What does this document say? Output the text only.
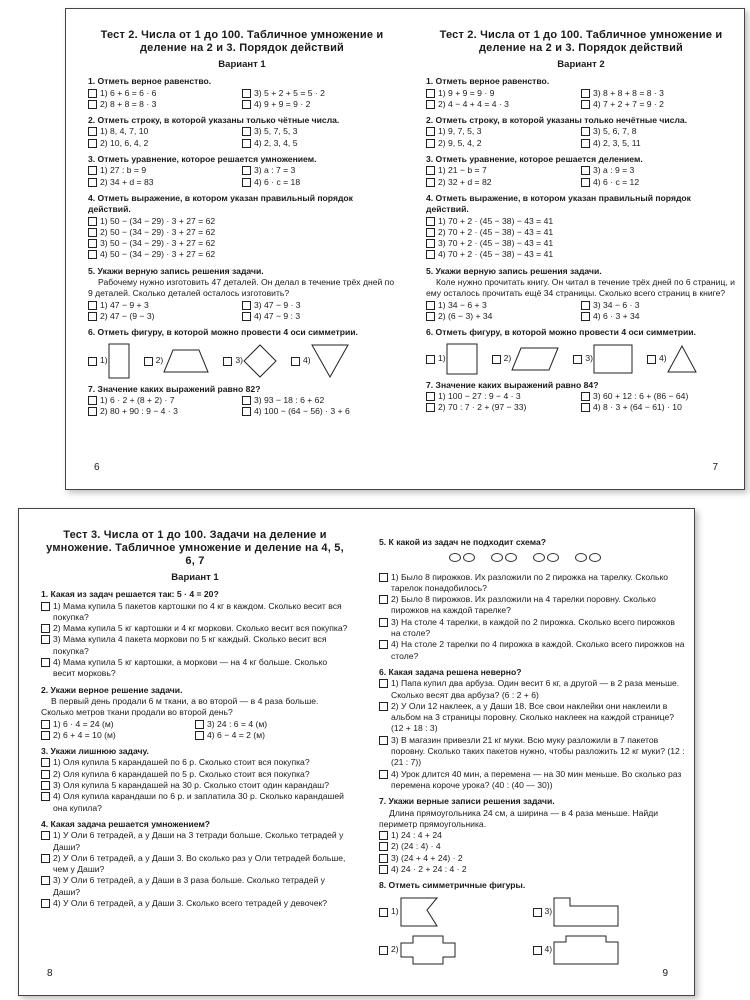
Тест 2. Числа от 1 до 100. Табличное умножение и деление на 2 и 3. Порядок действий
Вариант 1
1. Отметь верное равенство.
1) 6 + 6 = 6 · 6	3) 5 + 2 + 5 = 5 · 2
2) 8 + 8 = 8 · 3	4) 9 + 9 = 9 · 2
2. Отметь строку, в которой указаны только чётные числа.
1) 8, 4, 7, 10	3) 5, 7, 5, 3
2) 10, 6, 4, 2	4) 2, 3, 4, 5
3. Отметь уравнение, которое решается умножением.
1) 27 : b = 9	3) a : 7 = 3
2) 34 + d = 83	4) 6 · c = 18
4. Отметь выражение, в котором указан правильный порядок действий.
1) 50 − (34 − 29) · 3 + 27 = 62
2) 50 − (34 − 29) · 3 + 27 = 62
3) 50 − (34 − 29) · 3 + 27 = 62
4) 50 − (34 − 29) · 3 + 27 = 62
5. Укажи верную запись решения задачи.
Рабочему нужно изготовить 47 деталей. Он делал в течение трёх дней по 9 деталей. Сколько деталей осталось изготовить?
1) 47 − 9 + 3	3) 47 − 9 · 3
2) 47 − (9 − 3)	4) 47 − 9 : 3
6. Отметь фигуру, в которой можно провести 4 оси симметрии.
1)	2)	3)	4)
7. Значение каких выражений равно 82?
1) 6 · 2 + (8 + 2) · 7	3) 93 − 18 : 6 + 62
2) 80 + 90 : 9 − 4 · 3	4) 100 − (64 − 56) · 3 + 6
6
Тест 2. Числа от 1 до 100. Табличное умножение и деление на 2 и 3. Порядок действий
Вариант 2
1. Отметь верное равенство.
1) 9 + 9 = 9 · 9	3) 8 + 8 + 8 = 8 · 3
2) 4 − 4 + 4 = 4 · 3	4) 7 + 2 + 7 = 9 · 2
2. Отметь строку, в которой указаны только нечётные числа.
1) 9, 7, 5, 3	3) 5, 6, 7, 8
2) 9, 5, 4, 2	4) 2, 3, 5, 11
3. Отметь уравнение, которое решается делением.
1) 21 − b = 7	3) a : 9 = 3
2) 32 + d = 82	4) 6 · c = 12
4. Отметь выражение, в котором указан правильный порядок действий.
1) 70 + 2 · (45 − 38) − 43 = 41
2) 70 + 2 · (45 − 38) − 43 = 41
3) 70 + 2 · (45 − 38) − 43 = 41
4) 70 + 2 · (45 − 38) − 43 = 41
5. Укажи верную запись решения задачи.
Коле нужно прочитать книгу. Он читал в течение трёх дней по 6 страниц, и ему осталось прочитать ещё 34 страницы. Сколько всего страниц в книге?
1) 34 − 6 + 3	3) 34 − 6 · 3
2) (6 − 3) + 34	4) 6 · 3 + 34
6. Отметь фигуру, в которой можно провести 4 оси симметрии.
1)	2)	3)	4)
7. Значение каких выражений равно 84?
1) 100 − 27 : 9 − 4 · 3	3) 60 + 12 : 6 + (86 − 64)
2) 70 : 7 · 2 + (97 − 33)	4) 8 · 3 + (64 − 61) · 10
7
Тест 3. Числа от 1 до 100. Задачи на деление и умножение. Табличное умножение и деление на 4, 5, 6, 7
Вариант 1
1. Какая из задач решается так: 5 · 4 = 20?
1) Мама купила 5 пакетов картошки по 4 кг в каждом. Сколько весит вся покупка?
2) Мама купила 5 кг картошки и 4 кг моркови. Сколько весит вся покупка?
3) Мама купила 4 пакета моркови по 5 кг каждый. Сколько весит вся покупка?
4) Мама купила 5 кг картошки, а моркови — на 4 кг больше. Сколько весит морковь?
2. Укажи верное решение задачи.
В первый день продали 6 м ткани, а во второй — в 4 раза больше. Сколько метров ткани продали во второй день?
1) 6 · 4 = 24 (м)	3) 24 : 6 = 4 (м)
2) 6 + 4 = 10 (м)	4) 6 − 4 = 2 (м)
3. Укажи лишнюю задачу.
1) Оля купила 5 карандашей по 6 р. Сколько стоит вся покупка?
2) Оля купила 6 карандашей по 5 р. Сколько стоит вся покупка?
3) Оля купила 5 карандашей на 30 р. Сколько стоит один карандаш?
4) Оля купила карандаши по 6 р. и заплатила 30 р. Сколько карандашей она купила?
4. Какая задача решается умножением?
1) У Оли 6 тетрадей, а у Даши на 3 тетради больше. Сколько тетрадей у Даши?
2) У Оли 6 тетрадей, а у Даши 3. Во сколько раз у Оли тетрадей больше, чем у Даши?
3) У Оли 6 тетрадей, а у Даши в 3 раза больше. Сколько тетрадей у Даши?
4) У Оли 6 тетрадей, а у Даши 3. Сколько всего тетрадей у девочек?
8
5. К какой из задач не подходит схема?
1) Было 8 пирожков. Их разложили по 2 пирожка на тарелку. Сколько тарелок понадобилось?
2) Было 8 пирожков. Их разложили на 4 тарелки поровну. Сколько пирожков на каждой тарелке?
3) На столе 4 тарелки, в каждой по 2 пирожка. Сколько всего пирожков на столе?
4) На столе 2 тарелки по 4 пирожка в каждой. Сколько всего пирожков на столе?
6. Какая задача решена неверно?
1) Папа купил два арбуза. Один весит 6 кг, а другой — в 2 раза меньше. Сколько весят два арбуза? (6 : 2 + 6)
2) У Оли 12 наклеек, а у Даши 18. Все свои наклейки они наклеили в альбом на 3 страницы поровну. Сколько наклеек на каждой странице? (12 + 18 : 3)
3) В магазин привезли 21 кг муки. Всю муку разложили в 7 пакетов поровну. Сколько таких пакетов нужно, чтобы разложить 12 кг муки? (12 : (21 : 7))
4) Урок длится 40 мин, а перемена — на 30 мин меньше. Во сколько раз перемена короче урока? (40 : (40 — 30))
7. Укажи верные записи решения задачи.
Длина прямоугольника 24 см, а ширина — в 4 раза меньше. Найди периметр прямоугольника.
1) 24 : 4 + 24
2) (24 : 4) · 4
3) (24 + 4 + 24) · 2
4) 24 · 2 + 24 : 4 · 2
8. Отметь симметричные фигуры.
1)
2)
3)
4)
9
